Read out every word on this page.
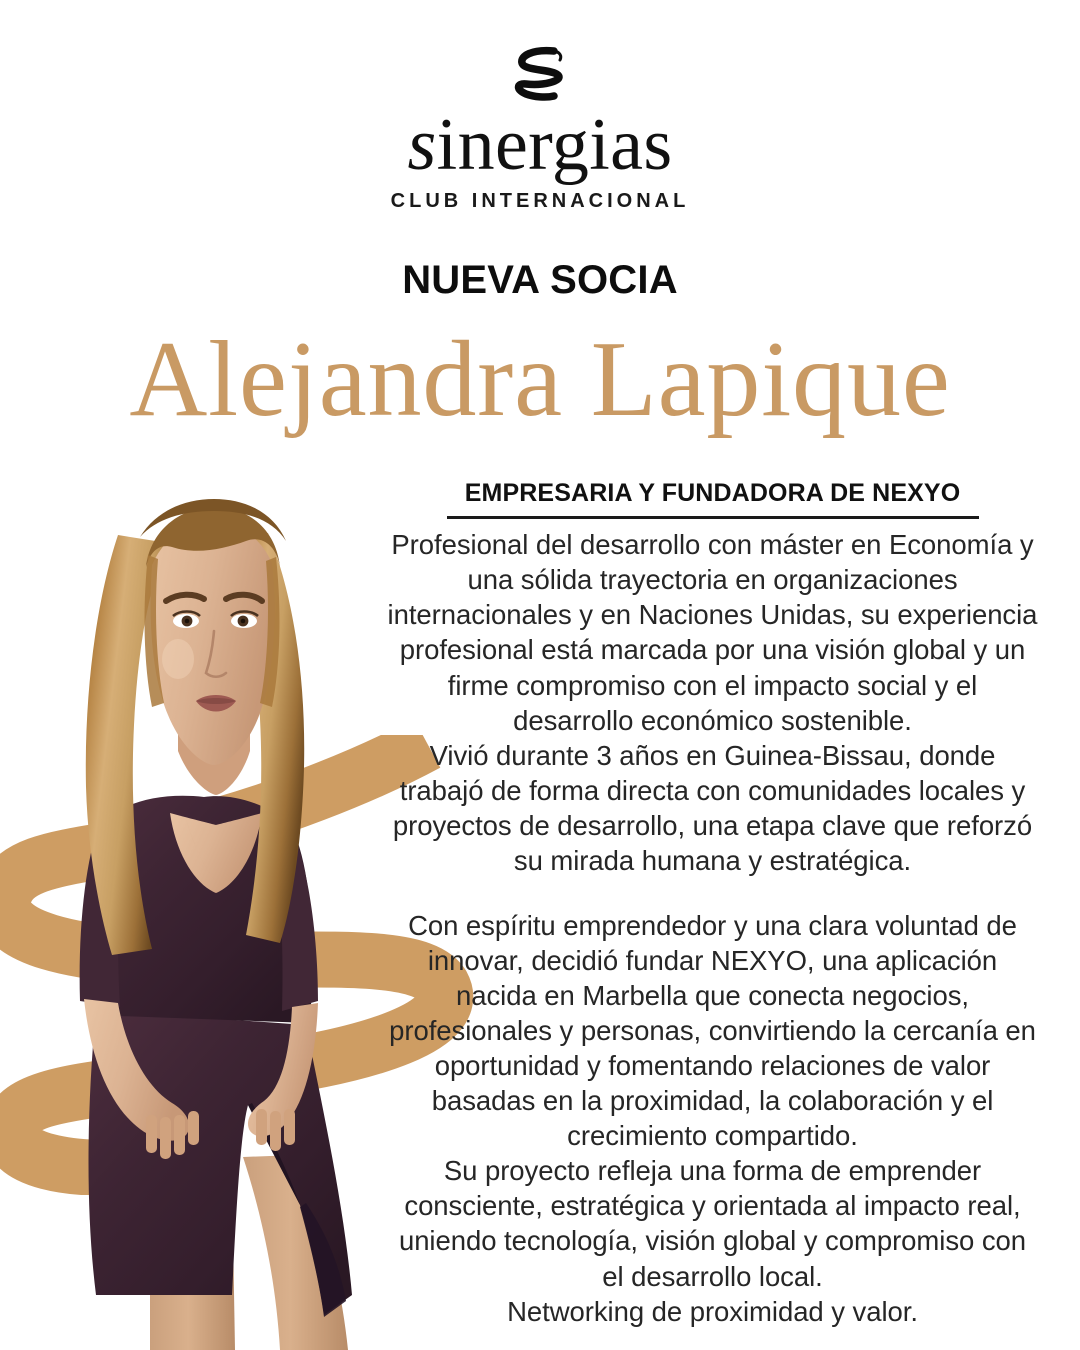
sinergias
CLUB INTERNACIONAL
NUEVA SOCIA
Alejandra Lapique
EMPRESARIA Y FUNDADORA DE NEXYO

Profesional del desarrollo con máster en Economía y una sólida trayectoria en organizaciones internacionales y en Naciones Unidas, su experiencia profesional está marcada por una visión global y un firme compromiso con el impacto social y el desarrollo económico sostenible.

Vivió durante 3 años en Guinea-Bissau, donde trabajó de forma directa con comunidades locales y proyectos de desarrollo, una etapa clave que reforzó su mirada humana y estratégica.

Con espíritu emprendedor y una clara voluntad de innovar, decidió fundar NEXYO, una aplicación nacida en Marbella que conecta negocios, profesionales y personas, convirtiendo la cercanía en oportunidad y fomentando relaciones de valor basadas en la proximidad, la colaboración y el crecimiento compartido.

Su proyecto refleja una forma de emprender consciente, estratégica y orientada al impacto real, uniendo tecnología, visión global y compromiso con el desarrollo local.

Networking de proximidad y valor.
